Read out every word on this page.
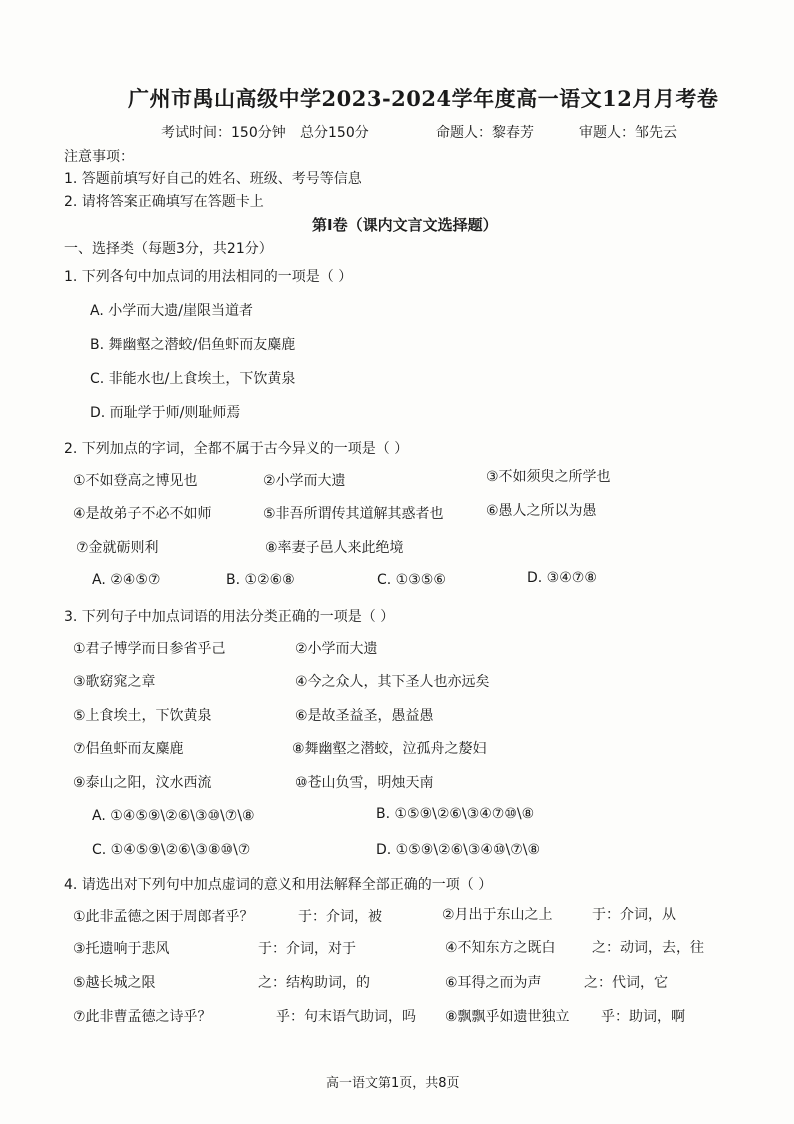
广州市禺山高级中学2023-2024学年度高一语文12月月考卷
考试时间：150分钟 总分150分	命题人：黎春芳	审题人：邹先云
注意事项：
1. 答题前填写好自己的姓名、班级、考号等信息
2. 请将答案正确填写在答题卡上
第Ⅰ卷（课内文言文选择题）
一、选择类（每题3分，共21分）
1. 下列各句中加点词的用法相同的一项是（ ）
A. 小学而大遗/崖限当道者
B. 舞幽壑之潜蛟/侣鱼虾而友麋鹿
C. 非能水也/上食埃土，下饮黄泉
D. 而耻学于师/则耻师焉
2. 下列加点的字词，全都不属于古今异义的一项是（ ）
①不如登高之博见也	②小学而大遗	③不如须臾之所学也
④是故弟子不必不如师	⑤非吾所谓传其道解其惑者也	⑥愚人之所以为愚
⑦金就砺则利	⑧率妻子邑人来此绝境
A. ②④⑤⑦	B. ①②⑥⑧	C. ①③⑤⑥	D. ③④⑦⑧
3. 下列句子中加点词语的用法分类正确的一项是（ ）
①君子博学而日参省乎己	②小学而大遗
③歌窈窕之章	④今之众人，其下圣人也亦远矣
⑤上食埃土，下饮黄泉	⑥是故圣益圣，愚益愚
⑦侣鱼虾而友麋鹿	⑧舞幽壑之潜蛟，泣孤舟之嫠妇
⑨泰山之阳，汶水西流	⑩苍山负雪，明烛天南
A. ①④⑤⑨\②⑥\③⑩\⑦\⑧	B. ①⑤⑨\②⑥\③④⑦⑩\⑧
C. ①④⑤⑨\②⑥\③⑧⑩\⑦	D. ①⑤⑨\②⑥\③④⑩\⑦\⑧
4. 请选出对下列句中加点虚词的意义和用法解释全部正确的一项（ ）
①此非孟德之困于周郎者乎？	于：介词，被	②月出于东山之上	于：介词，从
③托遗响于悲风	于：介词，对于	④不知东方之既白	之：动词，去，往
⑤越长城之限	之：结构助词，的	⑥耳得之而为声	之：代词，它
⑦此非曹孟德之诗乎？	乎：句末语气助词，吗 ⑧飘飘乎如遗世独立 乎：助词，啊
高一语文第1页，共8页
